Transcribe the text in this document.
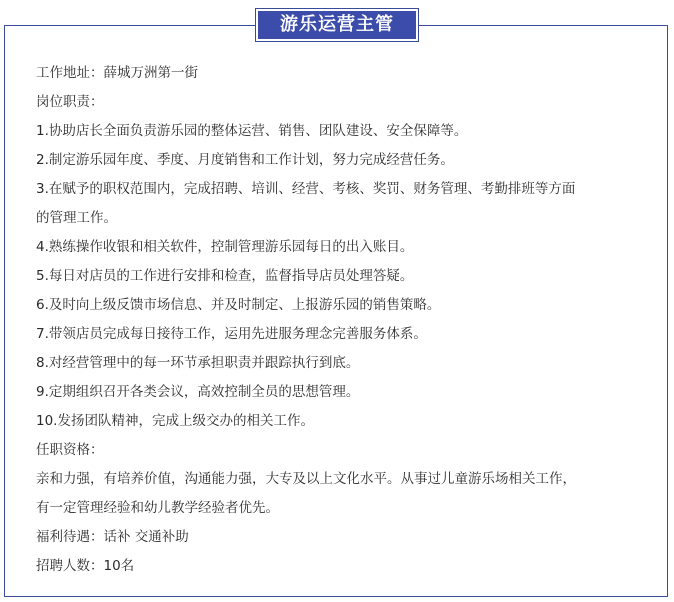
游乐运营主管
工作地址：薛城万洲第一街
岗位职责：
1.协助店长全面负责游乐园的整体运营、销售、团队建设、安全保障等。
2.制定游乐园年度、季度、月度销售和工作计划，努力完成经营任务。
3.在赋予的职权范围内，完成招聘、培训、经营、考核、奖罚、财务管理、考勤排班等方面
的管理工作。
4.熟练操作收银和相关软件，控制管理游乐园每日的出入账目。
5.每日对店员的工作进行安排和检查，监督指导店员处理答疑。
6.及时向上级反馈市场信息、并及时制定、上报游乐园的销售策略。
7.带领店员完成每日接待工作，运用先进服务理念完善服务体系。
8.对经营管理中的每一环节承担职责并跟踪执行到底。
9.定期组织召开各类会议，高效控制全员的思想管理。
10.发扬团队精神，完成上级交办的相关工作。
任职资格：
亲和力强，有培养价值，沟通能力强，大专及以上文化水平。从事过儿童游乐场相关工作，
有一定管理经验和幼儿教学经验者优先。
福利待遇：话补 交通补助
招聘人数：10名
